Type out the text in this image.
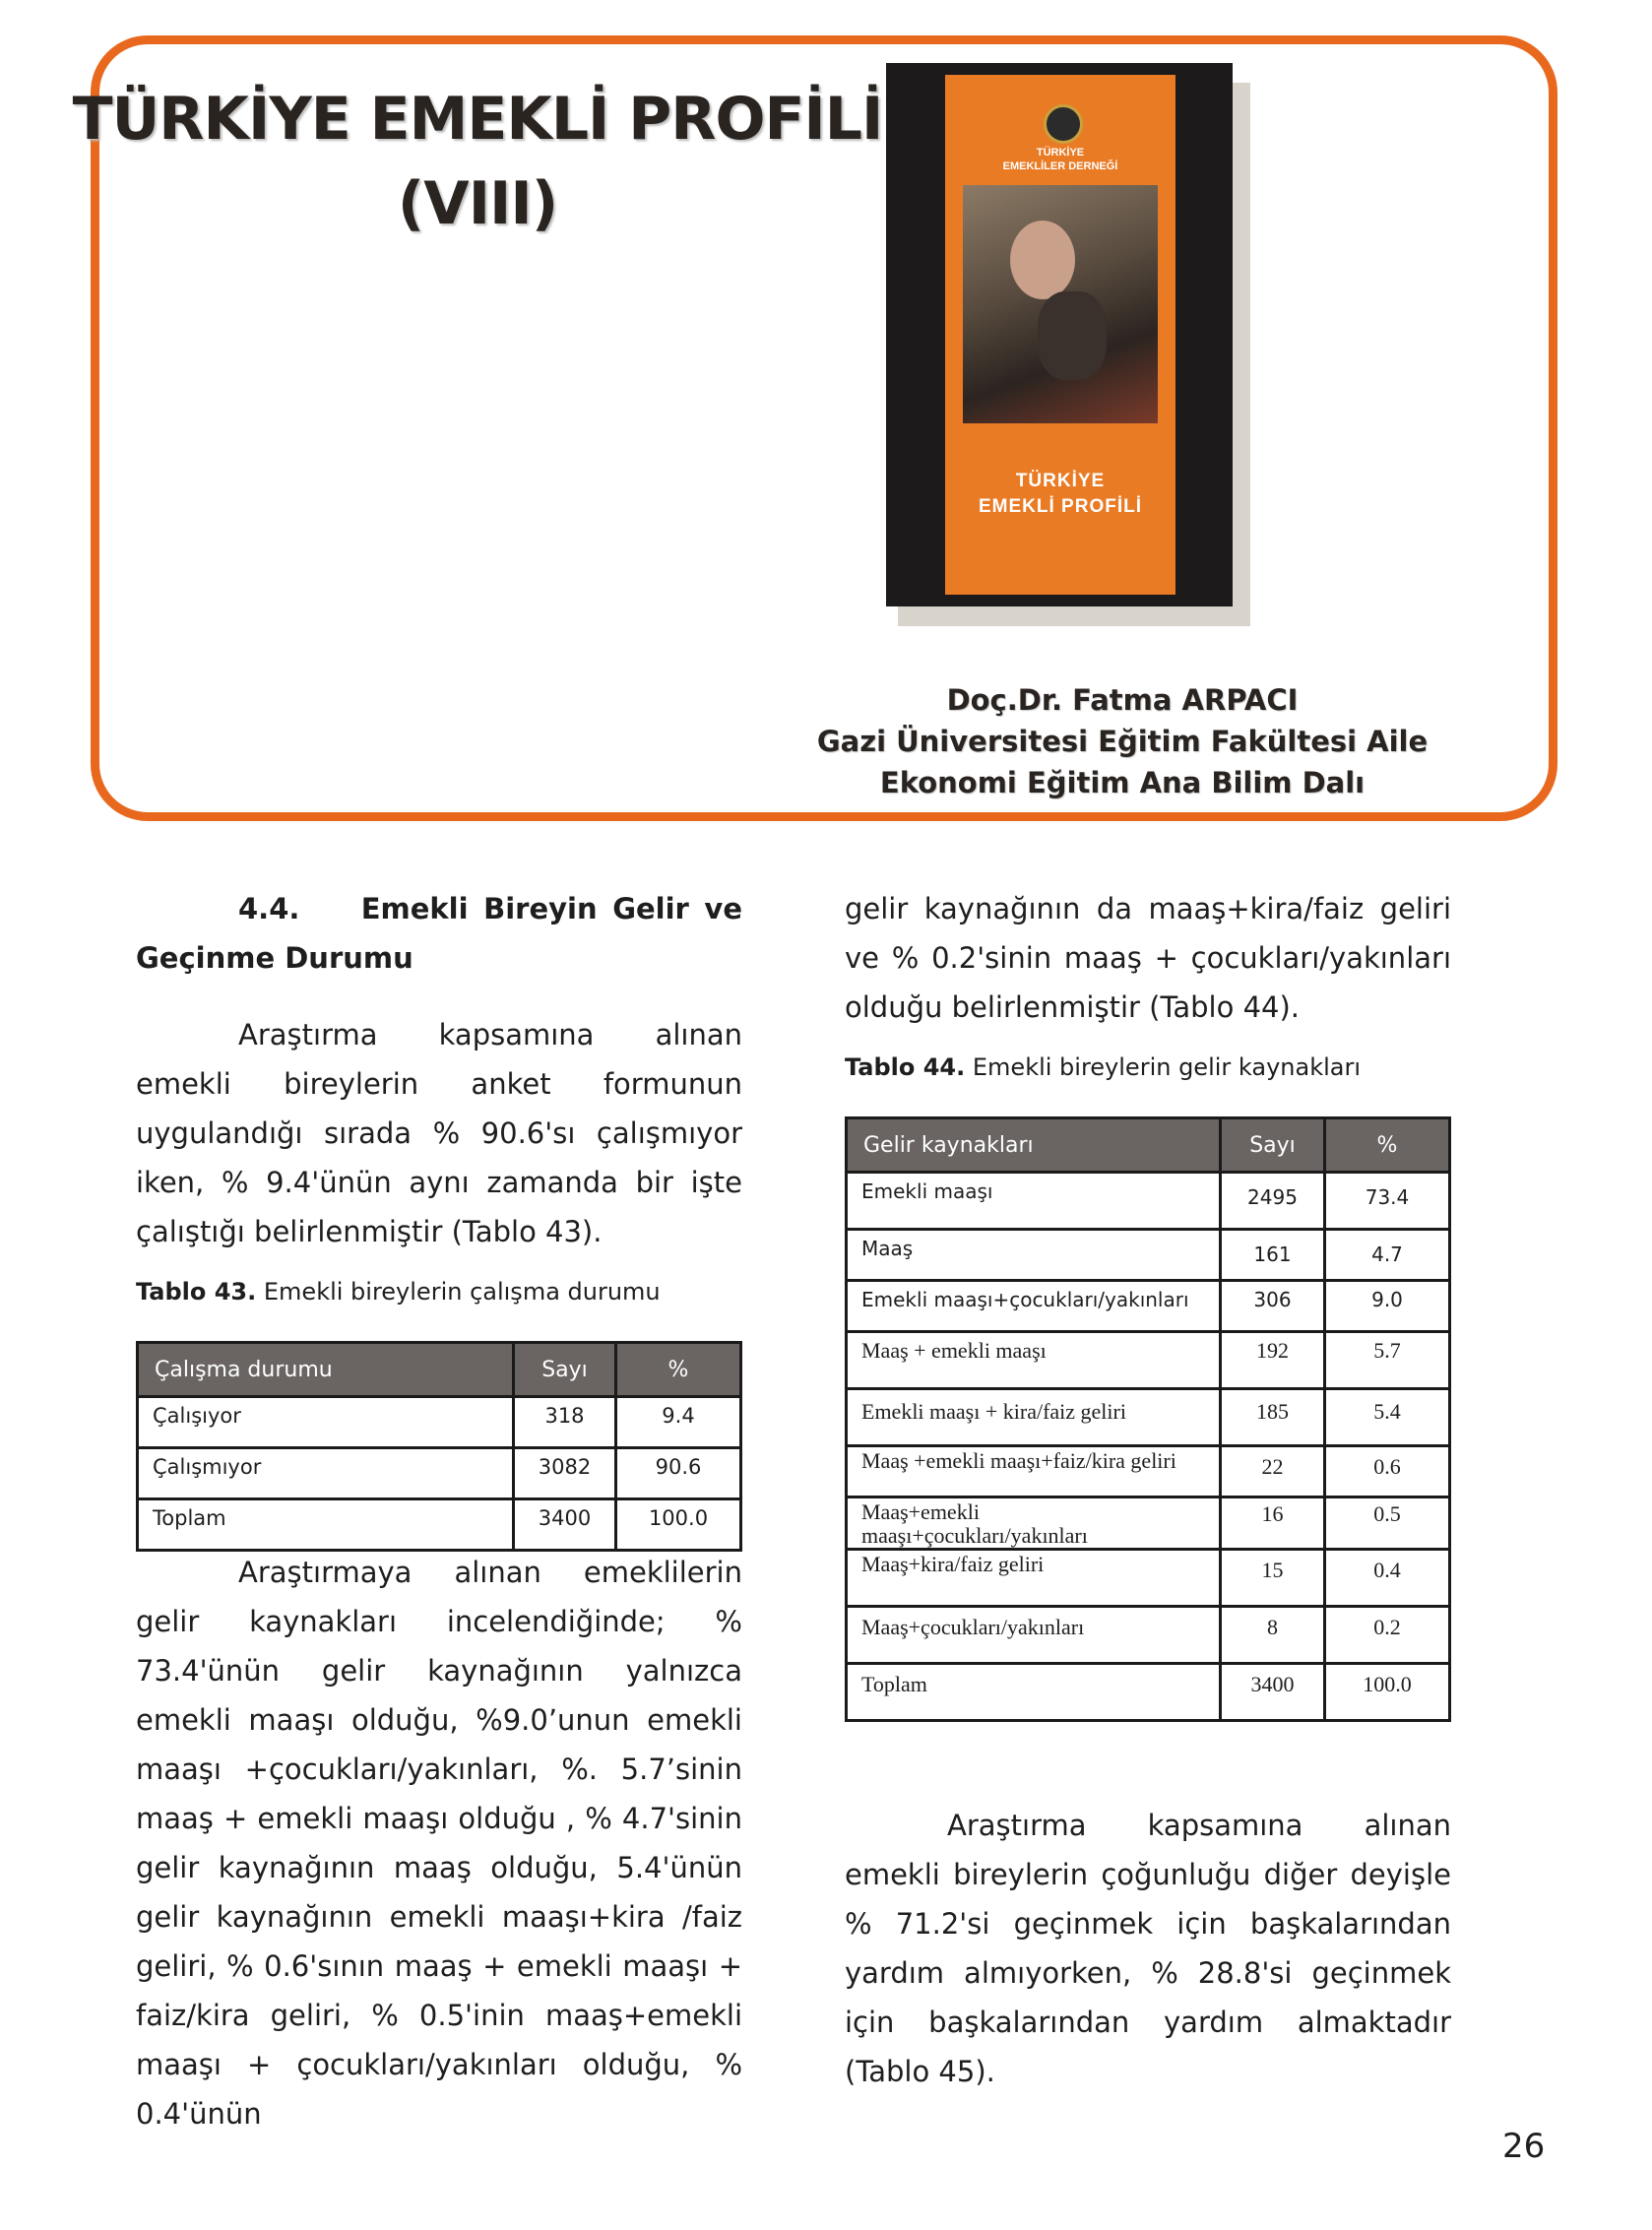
TÜRKİYE EMEKLİ PROFİLİ
(VIII)
TÜRKİYE
EMEKLİLER DERNEĞİ
TÜRKİYE
EMEKLİ PROFİLİ
Doç.Dr. Fatma ARPACI
Gazi Üniversitesi Eğitim Fakültesi Aile
Ekonomi Eğitim Ana Bilim Dalı
4.4. Emekli Bireyin Gelir ve Geçinme Durumu
Araştırma kapsamına alınan emekli bireylerin anket formunun uygulandığı sırada % 90.6'sı çalışmıyor iken, % 9.4'ünün aynı zamanda bir işte çalıştığı belirlenmiştir (Tablo 43).
Tablo 43. Emekli bireylerin çalışma durumu
Çalışma durumu	Sayı	%
Çalışıyor	318	9.4
Çalışmıyor	3082	90.6
Toplam	3400	100.0
Araştırmaya alınan emeklilerin gelir kaynakları incelendiğinde; % 73.4'ünün gelir kaynağının yalnızca emekli maaşı olduğu, %9.0’unun emekli maaşı +çocukları/yakınları, %. 5.7’sinin maaş + emekli maaşı olduğu , % 4.7'sinin gelir kaynağının maaş olduğu, 5.4'ünün gelir kaynağının emekli maaşı+kira /faiz geliri, % 0.6'sının maaş + emekli maaşı + faiz/kira geliri, % 0.5'inin maaş+emekli maaşı + çocukları/yakınları olduğu, % 0.4'ünün
gelir kaynağının da maaş+kira/faiz geliri ve % 0.2'sinin maaş + çocukları/yakınları olduğu belirlenmiştir (Tablo 44).
Tablo 44. Emekli bireylerin gelir kaynakları
Gelir kaynakları	Sayı	%
Emekli maaşı	2495	73.4
Maaş	161	4.7
Emekli maaşı+çocukları/yakınları	306	9.0
Maaş + emekli maaşı	192	5.7
Emekli maaşı + kira/faiz geliri	185	5.4
Maaş +emekli maaşı+faiz/kira geliri	22	0.6
Maaş+emekli maaşı+çocukları/yakınları	16	0.5
Maaş+kira/faiz geliri	15	0.4
Maaş+çocukları/yakınları	8	0.2
Toplam	3400	100.0
Araştırma kapsamına alınan emekli bireylerin çoğunluğu diğer deyişle % 71.2'si geçinmek için başkalarından yardım almıyorken, % 28.8'si geçinmek için başkalarından yardım almaktadır (Tablo 45).
26
